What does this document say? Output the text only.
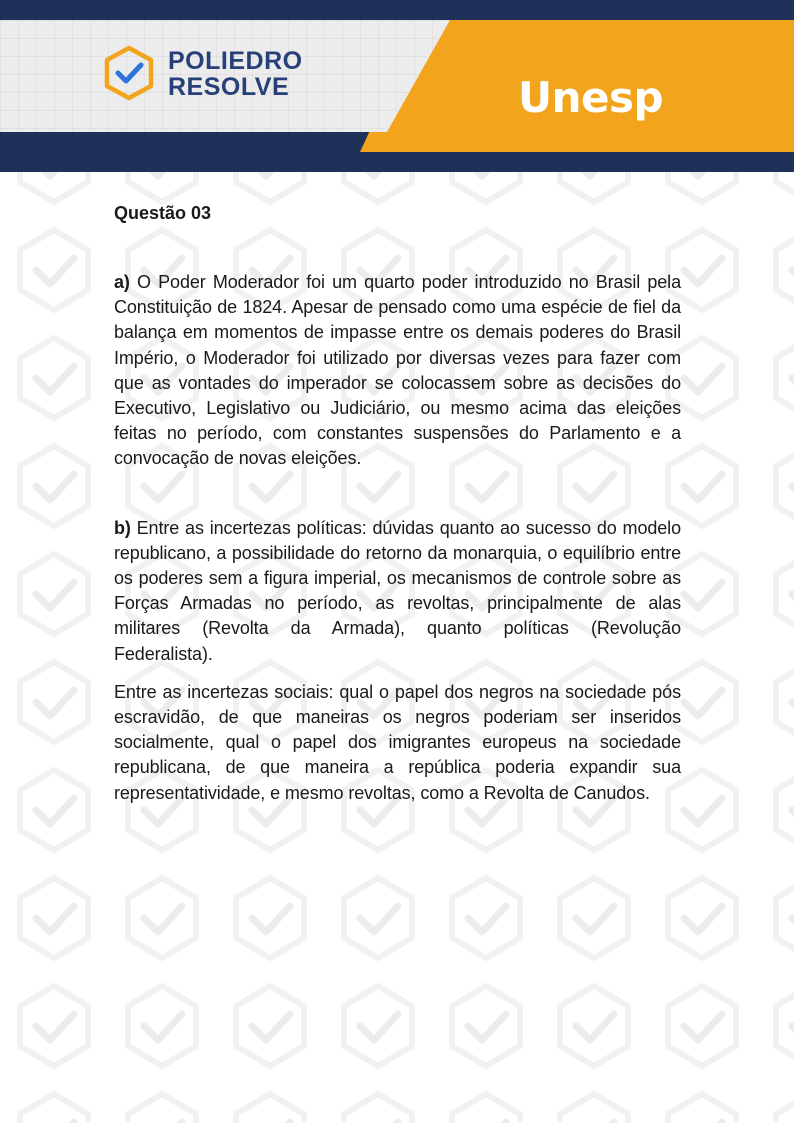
POLIEDRO
RESOLVE	Unesp
Questão 03

a) O Poder Moderador foi um quarto poder introduzido no Brasil pela Constituição de 1824. Apesar de pensado como uma espécie de fiel da balança em momentos de impasse entre os demais poderes do Brasil Império, o Moderador foi utilizado por diversas vezes para fazer com que as vontades do imperador se colocassem sobre as decisões do Executivo, Legislativo ou Judiciário, ou mesmo acima das eleições feitas no período, com constantes suspensões do Parlamento e a convocação de novas eleições.

b) Entre as incertezas políticas: dúvidas quanto ao sucesso do modelo republicano, a possibilidade do retorno da monarquia, o equilíbrio entre os poderes sem a figura imperial, os mecanismos de controle sobre as Forças Armadas no período, as revoltas, principalmente de alas militares (Revolta da Armada), quanto políticas (Revolução Federalista).

Entre as incertezas sociais: qual o papel dos negros na sociedade pós escravidão, de que maneiras os negros poderiam ser inseridos socialmente, qual o papel dos imigrantes europeus na sociedade republicana, de que maneira a república poderia expandir sua representatividade, e mesmo revoltas, como a Revolta de Canudos.
